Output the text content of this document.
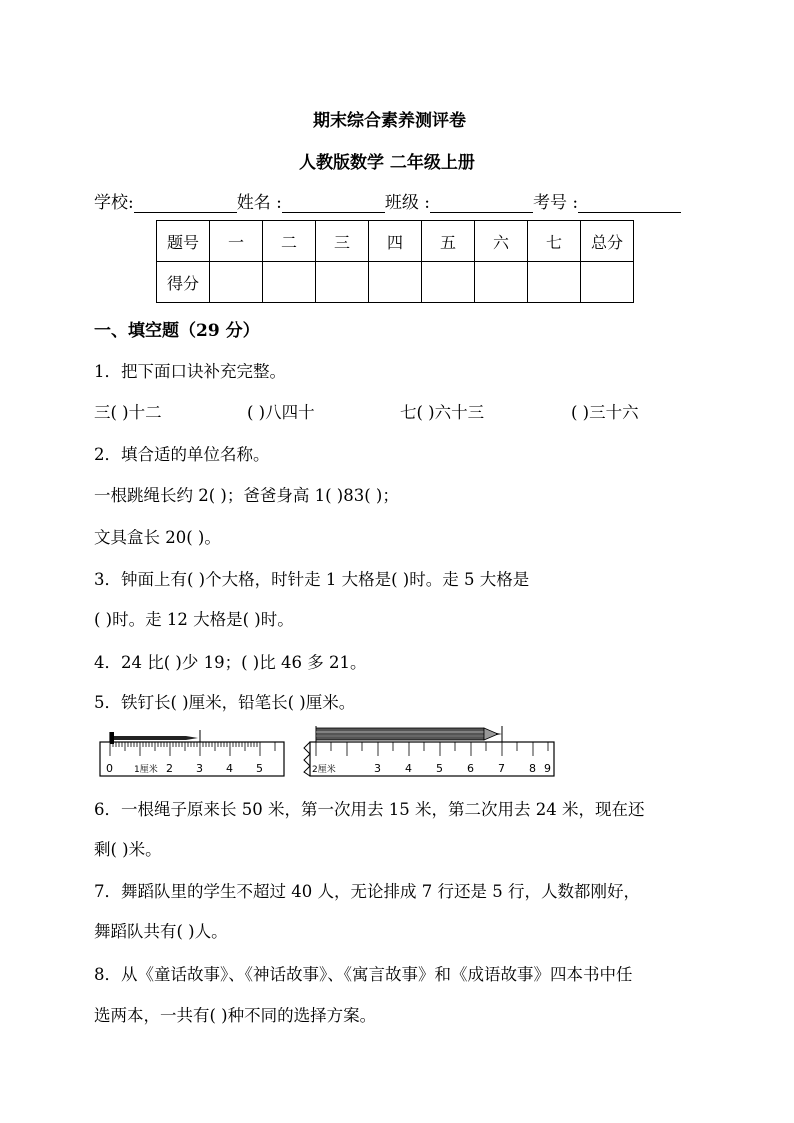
期末综合素养测评卷
人教版数学 二年级上册
学校:	姓名 :	班级 :	考号 :
题号	一	二	三	四	五	六	七	总分
得分								
一、填空题（29 分）
1．把下面口诀补充完整。
三( )十二	( )八四十	七( )六十三	( )三十六
2．填合适的单位名称。
一根跳绳长约 2( )；爸爸身高 1( )83( )；
文具盒长 20( )。
3．钟面上有( )个大格，时针走 1 大格是( )时。走 5 大格是
( )时。走 12 大格是( )时。
4．24 比( )少 19；( )比 46 多 21。
5．铁钉长( )厘米，铅笔长( )厘米。
0 1厘米 2 3 4 5	2厘米	3 4 5 6 7 8 9
6．一根绳子原来长 50 米，第一次用去 15 米，第二次用去 24 米，现在还
剩( )米。
7．舞蹈队里的学生不超过 40 人，无论排成 7 行还是 5 行，人数都刚好，
舞蹈队共有( )人。
8．从《童话故事》、《神话故事》、《寓言故事》和《成语故事》四本书中任
选两本，一共有( )种不同的选择方案。
